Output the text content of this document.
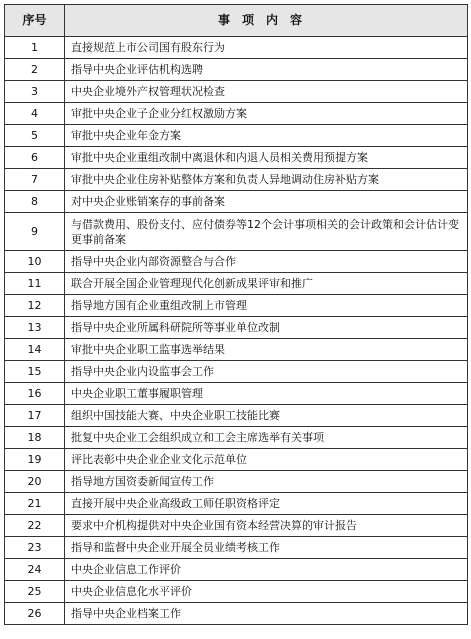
序号	事项内容
1	直接规范上市公司国有股东行为
2	指导中央企业评估机构选聘
3	中央企业境外产权管理状况检查
4	审批中央企业子企业分红权激励方案
5	审批中央企业年金方案
6	审批中央企业重组改制中离退休和内退人员相关费用预提方案
7	审批中央企业住房补贴整体方案和负责人异地调动住房补贴方案
8	对中央企业账销案存的事前备案
9	与借款费用、股份支付、应付债券等12个会计事项相关的会计政策和会计估计变更事前备案
10	指导中央企业内部资源整合与合作
11	联合开展全国企业管理现代化创新成果评审和推广
12	指导地方国有企业重组改制上市管理
13	指导中央企业所属科研院所等事业单位改制
14	审批中央企业职工监事选举结果
15	指导中央企业内设监事会工作
16	中央企业职工董事履职管理
17	组织中国技能大赛、中央企业职工技能比赛
18	批复中央企业工会组织成立和工会主席选举有关事项
19	评比表彰中央企业企业文化示范单位
20	指导地方国资委新闻宣传工作
21	直接开展中央企业高级政工师任职资格评定
22	要求中介机构提供对中央企业国有资本经营决算的审计报告
23	指导和监督中央企业开展全员业绩考核工作
24	中央企业信息工作评价
25	中央企业信息化水平评价
26	指导中央企业档案工作
